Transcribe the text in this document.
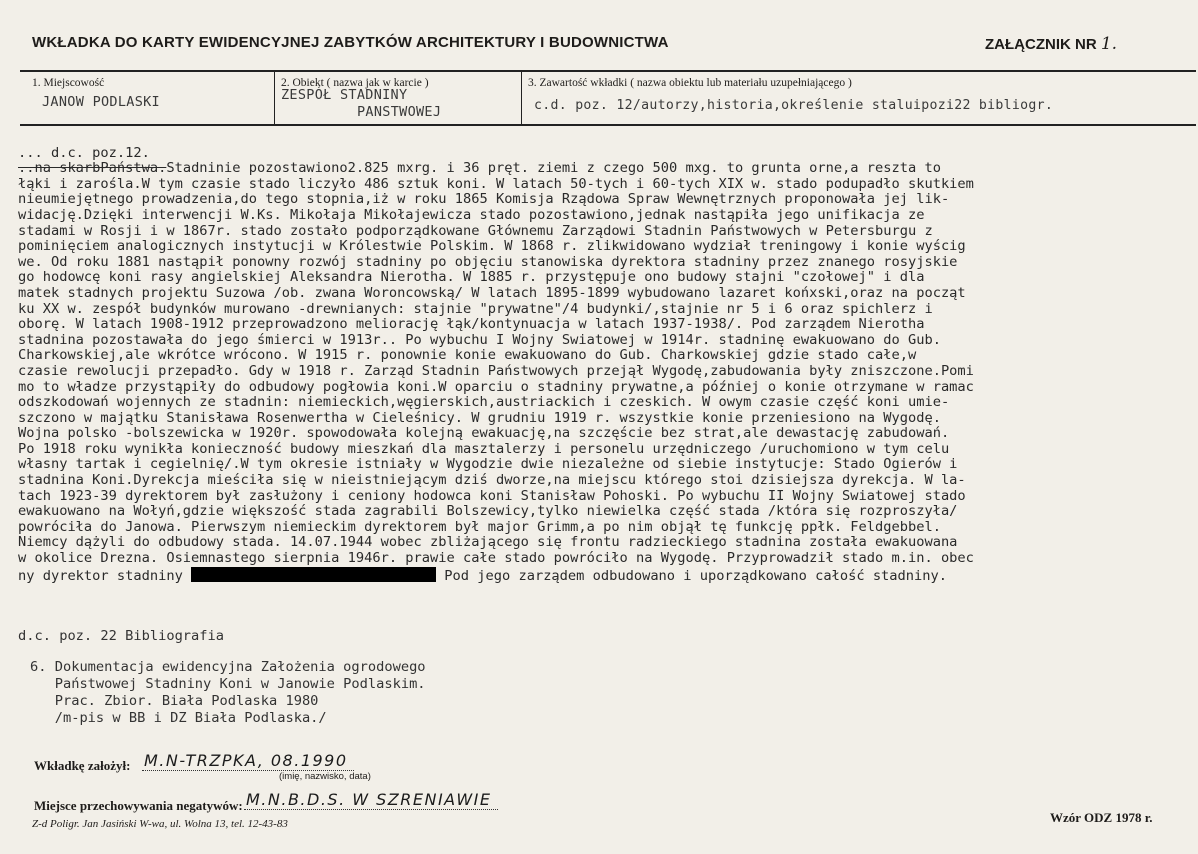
WKŁADKA DO KARTY EWIDENCYJNEJ ZABYTKÓW ARCHITEKTURY I BUDOWNICTWA	ZAŁĄCZNIK NR 1.
1. Miejscowość
JANOW PODLASKI
2. Obiekt ( nazwa jak w karcie )
ZESPÓŁ STADNINY
PANSTWOWEJ
3. Zawartość wkładki ( nazwa obiektu lub materiału uzupełniającego )
c.d. poz. 12/autorzy,historia,określenie staluipozi22 bibliogr.

... d.c. poz.12.
..na skarbPaństwa.Stadninie pozostawiono2.825 mxrg. i 36 pręt. ziemi z czego 500 mxg. to grunta orne,a reszta to
łąki i zarośla.W tym czasie stado liczyło 486 sztuk koni. W latach 50-tych i 60-tych XIX w. stado podupadło skutkiem
nieumiejętnego prowadzenia,do tego stopnia,iż w roku 1865 Komisja Rządowa Spraw Wewnętrznych proponowała jej lik-
widację.Dzięki interwencji W.Ks. Mikołaja Mikołajewicza stado pozostawiono,jednak nastąpiła jego unifikacja ze
stadami w Rosji i w 1867r. stado zostało podporządkowane Głównemu Zarządowi Stadnin Państwowych w Petersburgu z
pominięciem analogicznych instytucji w Królestwie Polskim. W 1868 r. zlikwidowano wydział treningowy i konie wyścig
we. Od roku 1881 nastąpił ponowny rozwój stadniny po objęciu stanowiska dyrektora stadniny przez znanego rosyjskie
go hodowcę koni rasy angielskiej Aleksandra Nierotha. W 1885 r. przystępuje ono budowy stajni "czołowej" i dla
matek stadnych projektu Suzowa /ob. zwana Woroncowską/ W latach 1895-1899 wybudowano lazaret końxski,oraz na począt
ku XX w. zespół budynków murowano -drewnianych: stajnie "prywatne"/4 budynki/,stajnie nr 5 i 6 oraz spichlerz i
oborę. W latach 1908-1912 przeprowadzono meliorację łąk/kontynuacja w latach 1937-1938/. Pod zarządem Nierotha
stadnina pozostawała do jego śmierci w 1913r.. Po wybuchu I Wojny Swiatowej w 1914r. stadninę ewakuowano do Gub.
Charkowskiej,ale wkrótce wrócono. W 1915 r. ponownie konie ewakuowano do Gub. Charkowskiej gdzie stado całe,w
czasie rewolucji przepadło. Gdy w 1918 r. Zarząd Stadnin Państwowych przejął Wygodę,zabudowania były zniszczone.Pomi
mo to władze przystąpiły do odbudowy pogłowia koni.W oparciu o stadniny prywatne,a później o konie otrzymane w ramac
odszkodowań wojennych ze stadnin: niemieckich,węgierskich,austriackich i czeskich. W owym czasie część koni umie-
szczono w majątku Stanisława Rosenwertha w Cieleśnicy. W grudniu 1919 r. wszystkie konie przeniesiono na Wygodę.
Wojna polsko -bolszewicka w 1920r. spowodowała kolejną ewakuację,na szczęście bez strat,ale dewastację zabudowań.
Po 1918 roku wynikła konieczność budowy mieszkań dla masztalerzy i personelu urzędniczego /uruchomiono w tym celu
własny tartak i cegielnię/.W tym okresie istniały w Wygodzie dwie niezależne od siebie instytucje: Stado Ogierów i
stadnina Koni.Dyrekcja mieściła się w nieistniejącym dziś dworze,na miejscu którego stoi dzisiejsza dyrekcja. W la-
tach 1923-39 dyrektorem był zasłużony i ceniony hodowca koni Stanisław Pohoski. Po wybuchu II Wojny Swiatowej stado
ewakuowano na Wołyń,gdzie większość stada zagrabili Bolszewicy,tylko niewielka część stada /która się rozproszyła/
powróciła do Janowa. Pierwszym niemieckim dyrektorem był major Grimm,a po nim objął tę funkcję ppłk. Feldgebbel.
Niemcy dążyli do odbudowy stada. 14.07.1944 wobec zbliżającego się frontu radzieckiego stadnina została ewakuowana
w okolice Drezna. Osiemnastego sierpnia 1946r. prawie całe stado powróciło na Wygodę. Przyprowadził stado m.in. obec
ny dyrektor stadniny	Pod jego zarządem odbudowano i uporządkowano całość stadniny.

d.c. poz. 22 Bibliografia
6. Dokumentacja ewidencyjna Założenia ogrodowego
Państwowej Stadniny Koni w Janowie Podlaskim.
Prac. Zbior. Biała Podlaska 1980
/m-pis w BB i DZ Biała Podlaska./
Wkładkę założył: M.N-TRZPKA, 08.1990
(imię, nazwisko, data)
Miejsce przechowywania negatywów: M.N.B.D.S. W SZRENIAWIE
Z-d Poligr. Jan Jasiński W-wa, ul. Wolna 13, tel. 12-43-83	Wzór ODZ 1978 r.
